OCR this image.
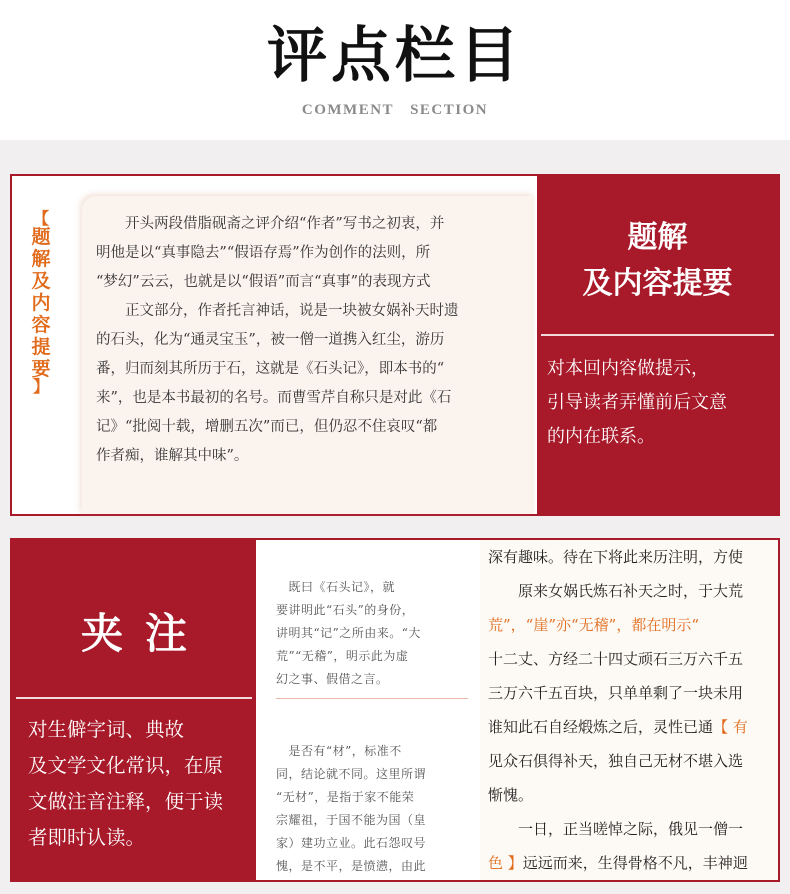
评点栏目
COMMENT SECTION
【
题
解
及
内
容
提
要
】

　　开头两段借脂砚斋之评介绍“作者”写书之初衷，并

明他是以“真事隐去”“假语存焉”作为创作的法则，所

“梦幻”云云，也就是以“假语”而言“真事”的表现方式

　　正文部分，作者托言神话，说是一块被女娲补天时遗

的石头，化为“通灵宝玉”，被一僧一道携入红尘，游历

番，归而刻其所历于石，这就是《石头记》，即本书的“

来”，也是本书最初的名号。而曹雪芹自称只是对此《石

记》“批阅十载，增删五次”而已，但仍忍不住哀叹“都

作者痴，谁解其中味”。

题解
及内容提要
对本回内容做提示，
引导读者弄懂前后文意
的内在联系。
夹注
对生僻字词、典故
及文学文化常识，在原
文做注音注释，便于读
者即时认读。

　既曰《石头记》，就

要讲明此“石头”的身份，

讲明其“记”之所由来。“大

荒”“无稽”，明示此为虚

幻之事、假借之言。

　是否有“材”，标准不

同，结论就不同。这里所谓

“无材”，是指于家不能荣

宗耀祖，于国不能为国（皇

家）建功立业。此石怨叹号

愧，是不平，是愤懑，由此

深有趣味。待在下将此来历注明，方使

　　原来女娲氏炼石补天之时，于大荒

荒”，“崖”亦“无稽”，都在明示“

十二丈、方经二十四丈顽石三万六千五

三万六千五百块，只单单剩了一块未用

谁知此石自经煅炼之后，灵性已通【 有

见众石俱得补天，独自己无材不堪入选

惭愧。

　　一日，正当嗟悼之际，俄见一僧一

色 】远远而来，生得骨格不凡，丰神迥
